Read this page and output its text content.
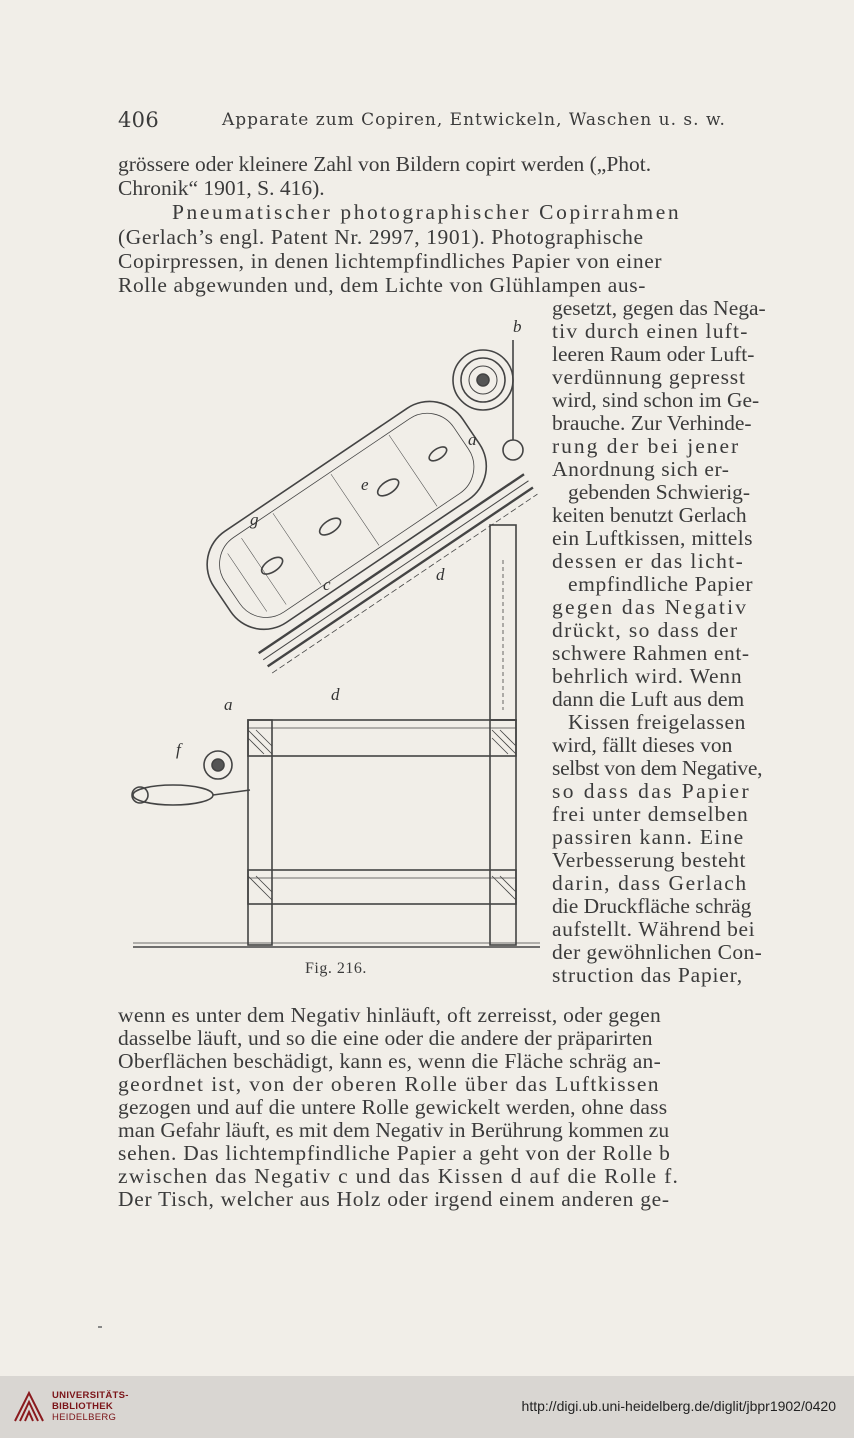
406	Apparate zum Copiren, Entwickeln, Waschen u. s. w.
grössere oder kleinere Zahl von Bildern copirt werden („Phot.
Chronik“ 1901, S. 416).
Pneumatischer photographischer Copirrahmen
(Gerlach’s engl. Patent Nr. 2997, 1901). Photographische
Copirpressen, in denen lichtempfindliches Papier von einer
Rolle abgewunden und, dem Lichte von Glühlampen aus-
gesetzt, gegen das Nega-
tiv durch einen luft-
leeren Raum oder Luft-
verdünnung gepresst
wird, sind schon im Ge-
brauche. Zur Verhinde-
rung der bei jener
Anordnung sich er-
gebenden Schwierig-
keiten benutzt Gerlach
ein Luftkissen, mittels
dessen er das licht-
empfindliche Papier
gegen das Negativ
drückt, so dass der
schwere Rahmen ent-
behrlich wird. Wenn
dann die Luft aus dem
Kissen freigelassen
wird, fällt dieses von
selbst von dem Negative,
so dass das Papier
frei unter demselben
passiren kann. Eine
Verbesserung besteht
darin, dass Gerlach
die Druckfläche schräg
aufstellt. Während bei
der gewöhnlichen Con-
struction das Papier,
wenn es unter dem Negativ hinläuft, oft zerreisst, oder gegen
dasselbe läuft, und so die eine oder die andere der präparirten
Oberflächen beschädigt, kann es, wenn die Fläche schräg an-
geordnet ist, von der oberen Rolle über das Luftkissen
gezogen und auf die untere Rolle gewickelt werden, ohne dass
man Gefahr läuft, es mit dem Negativ in Berührung kommen zu
sehen. Das lichtempfindliche Papier a geht von der Rolle b
zwischen das Negativ c und das Kissen d auf die Rolle f.
Der Tisch, welcher aus Holz oder irgend einem anderen ge-
b
a
e
g
c
d
d
a
f
Fig. 216.
UNIVERSITÄTS-
BIBLIOTHEK
HEIDELBERG
http://digi.ub.uni-heidelberg.de/diglit/jbpr1902/0420
